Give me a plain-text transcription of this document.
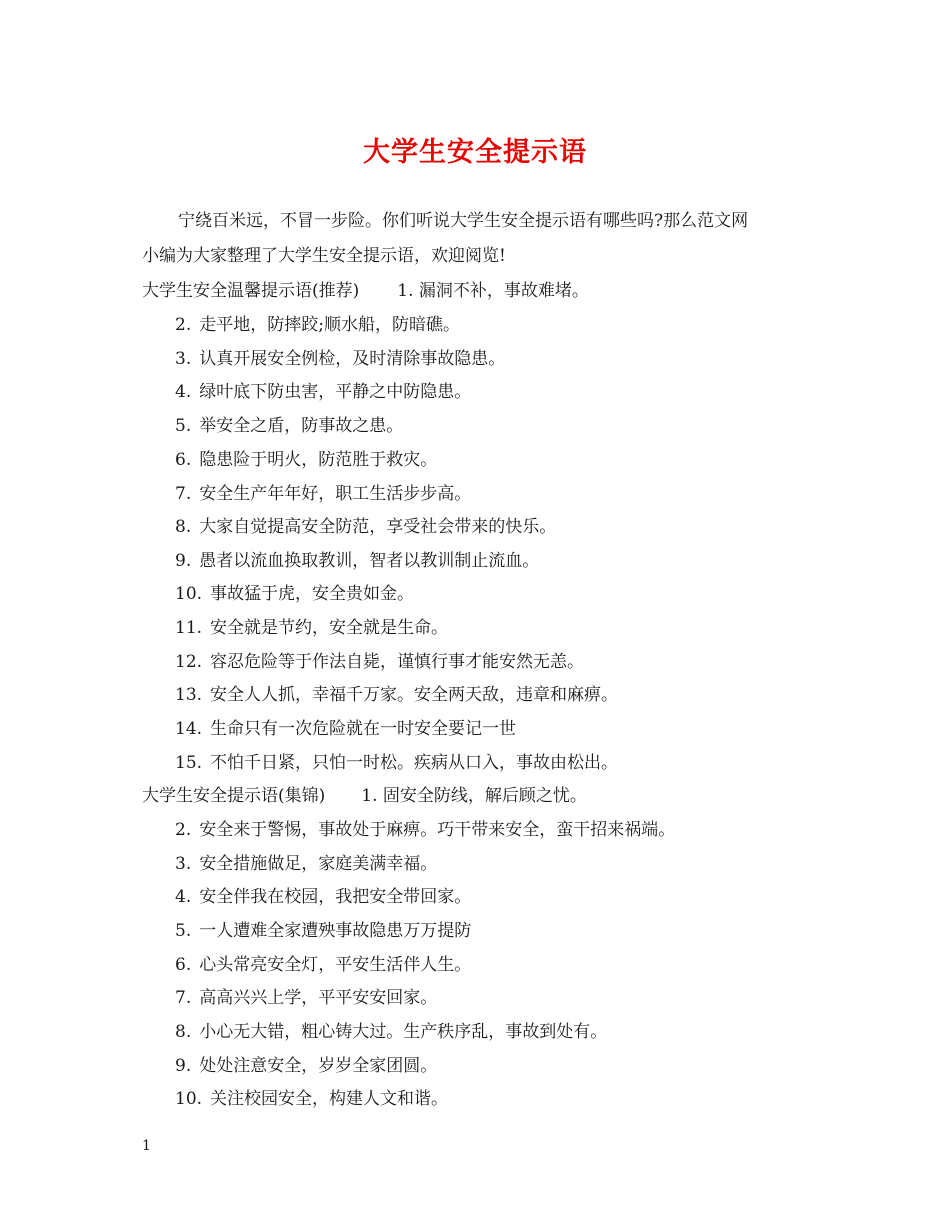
大学生安全提示语
宁绕百米远，不冒一步险。你们听说大学生安全提示语有哪些吗?那么范文网
小编为大家整理了大学生安全提示语，欢迎阅览!
大学生安全温馨提示语(推荐) 1. 漏洞不补，事故难堵。
2. 走平地，防摔跤;顺水船，防暗礁。
3. 认真开展安全例检，及时清除事故隐患。
4. 绿叶底下防虫害，平静之中防隐患。
5. 举安全之盾，防事故之患。
6. 隐患险于明火，防范胜于救灾。
7. 安全生产年年好，职工生活步步高。
8. 大家自觉提高安全防范，享受社会带来的快乐。
9. 愚者以流血换取教训，智者以教训制止流血。
10. 事故猛于虎，安全贵如金。
11. 安全就是节约，安全就是生命。
12. 容忍危险等于作法自毙，谨慎行事才能安然无恙。
13. 安全人人抓，幸福千万家。安全两天敌，违章和麻痹。
14. 生命只有一次危险就在一时安全要记一世
15. 不怕千日紧，只怕一时松。疾病从口入，事故由松出。
大学生安全提示语(集锦) 1. 固安全防线，解后顾之忧。
2. 安全来于警惕，事故处于麻痹。巧干带来安全，蛮干招来祸端。
3. 安全措施做足，家庭美满幸福。
4. 安全伴我在校园，我把安全带回家。
5. 一人遭难全家遭殃事故隐患万万提防
6. 心头常亮安全灯，平安生活伴人生。
7. 高高兴兴上学，平平安安回家。
8. 小心无大错，粗心铸大过。生产秩序乱，事故到处有。
9. 处处注意安全，岁岁全家团圆。
10. 关注校园安全，构建人文和谐。
1
